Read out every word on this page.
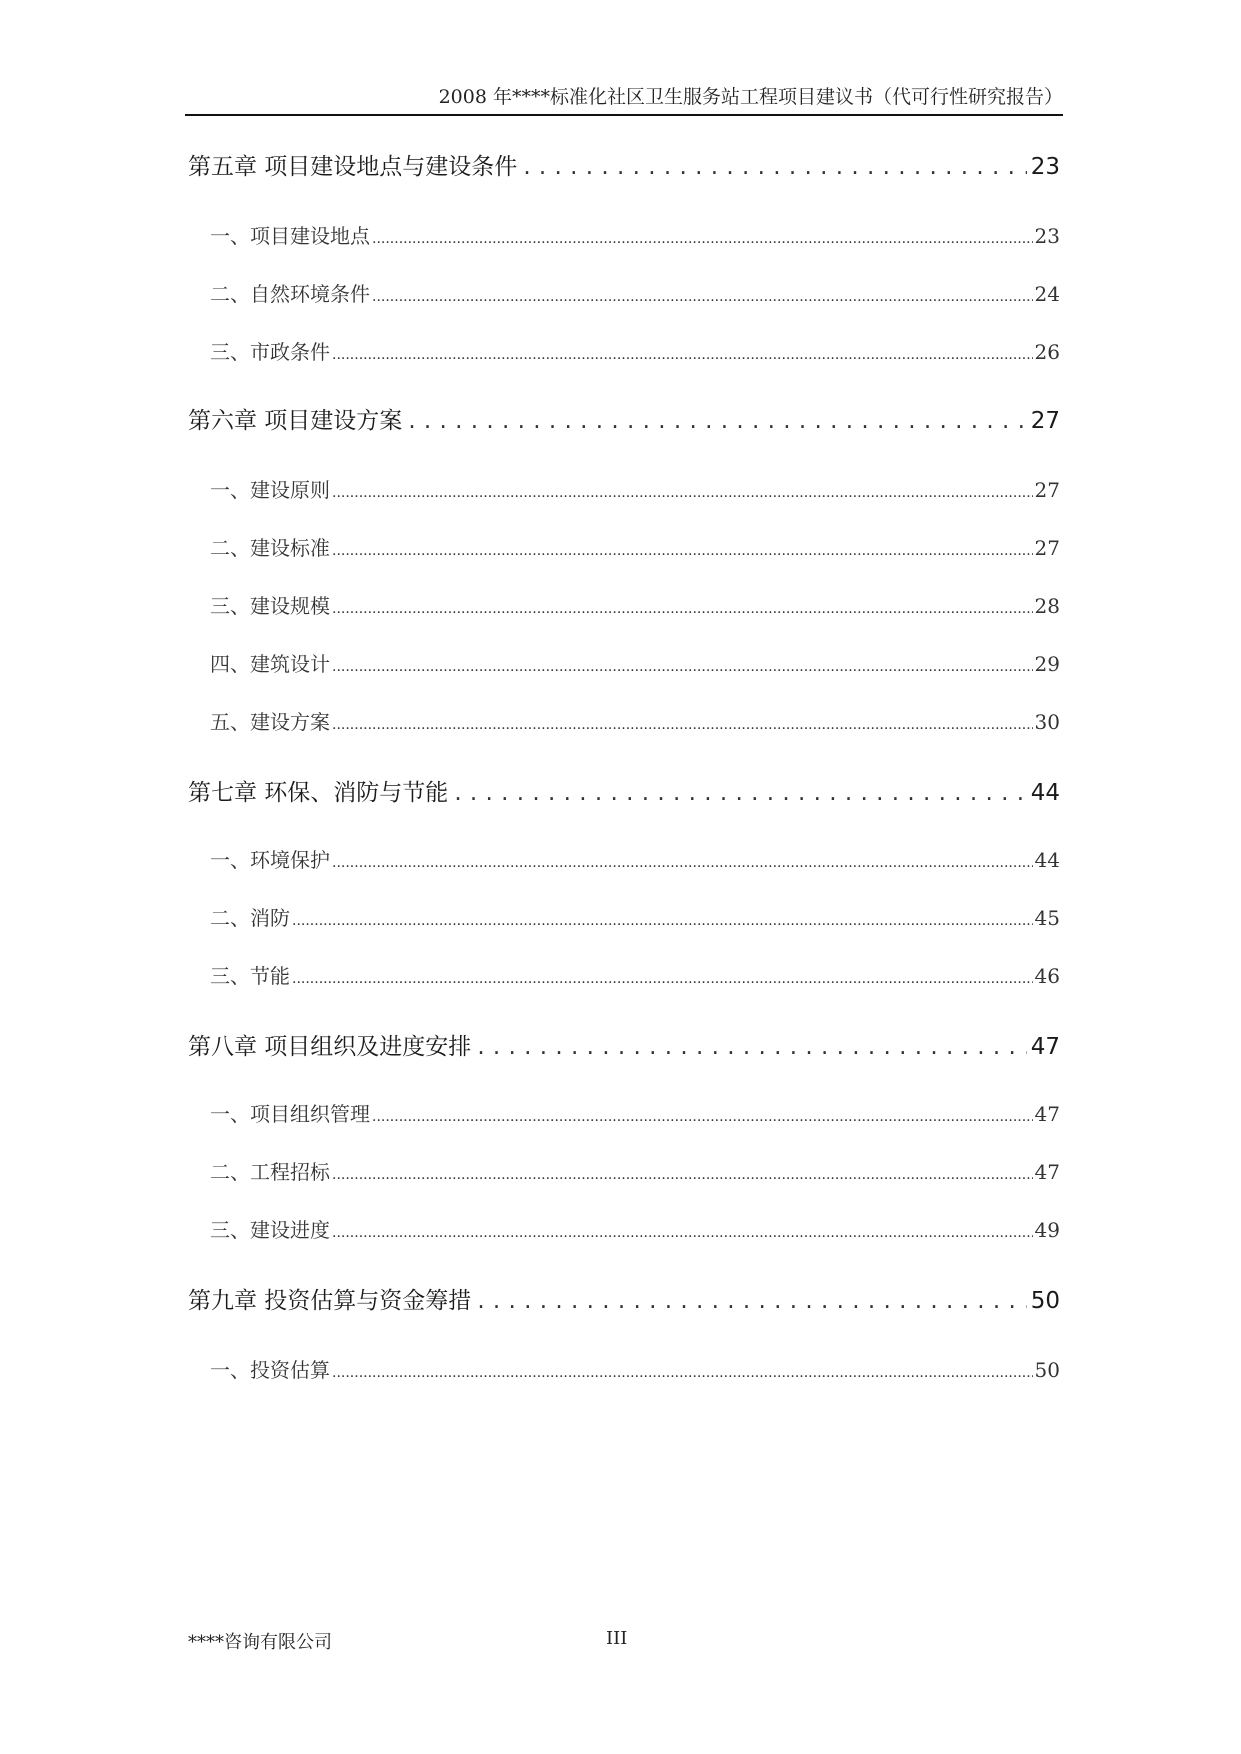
2008 年****标准化社区卫生服务站工程项目建议书（代可行性研究报告）
第五章 项目建设地点与建设条件 . . .	23
一、项目建设地点 .....	23
二、自然环境条件 .....	24
三、市政条件 .....	26
第六章 项目建设方案 . . .	27
一、建设原则 .....	27
二、建设标准 .....	27
三、建设规模 .....	28
四、建筑设计 .....	29
五、建设方案 .....	30
第七章 环保、消防与节能 . . .	44
一、环境保护 .....	44
二、消防 .....	45
三、节能 .....	46
第八章 项目组织及进度安排 . . .	47
一、项目组织管理 .....	47
二、工程招标 .....	47
三、建设进度 .....	49
第九章 投资估算与资金筹措 . . .	50
一、投资估算 .....	50
****咨询有限公司	III
